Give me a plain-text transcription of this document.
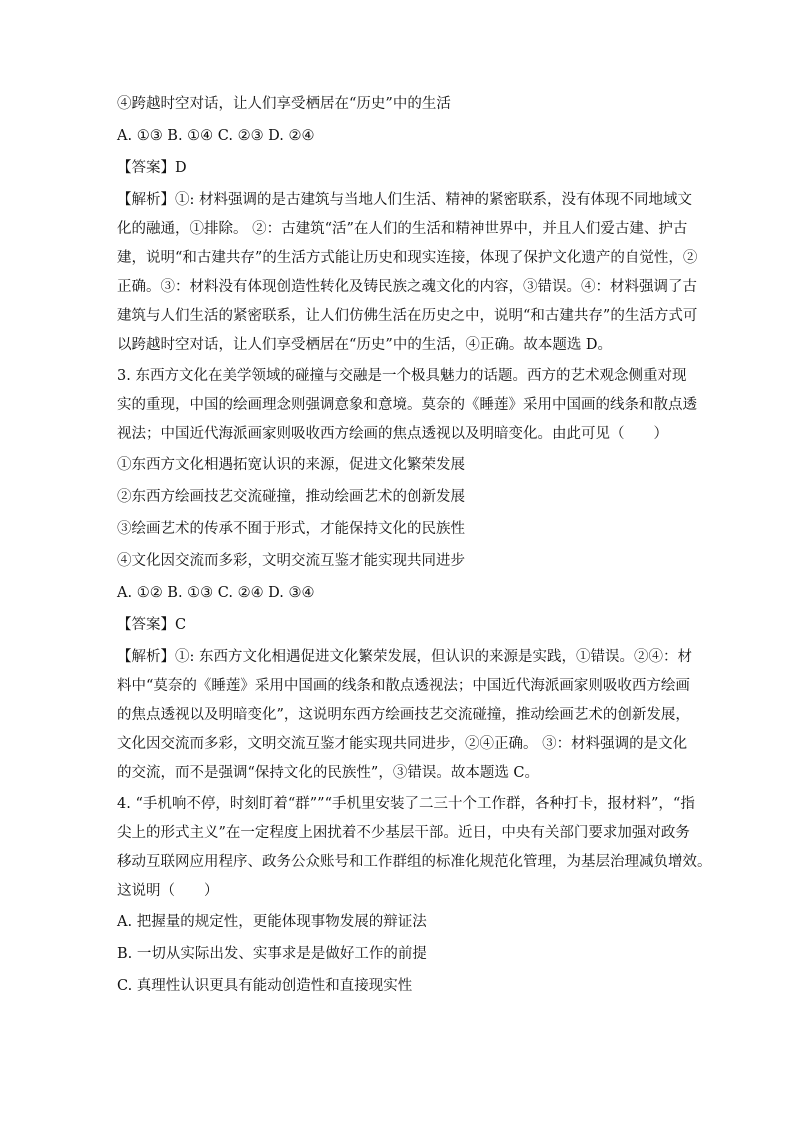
④跨越时空对话，让人们享受栖居在“历史”中的生活
A. ①③ B. ①④ C. ②③ D. ②④
【答案】D
【解析】①: 材料强调的是古建筑与当地人们生活、精神的紧密联系，没有体现不同地域文
化的融通，①排除。 ②：古建筑“活”在人们的生活和精神世界中，并且人们爱古建、护古
建，说明“和古建共存”的生活方式能让历史和现实连接，体现了保护文化遗产的自觉性，②
正确。③：材料没有体现创造性转化及铸民族之魂文化的内容，③错误。④：材料强调了古
建筑与人们生活的紧密联系，让人们仿佛生活在历史之中，说明“和古建共存”的生活方式可
以跨越时空对话，让人们享受栖居在“历史”中的生活，④正确。故本题选 D。
3. 东西方文化在美学领域的碰撞与交融是一个极具魅力的话题。西方的艺术观念侧重对现
实的重现，中国的绘画理念则强调意象和意境。莫奈的《睡莲》采用中国画的线条和散点透
视法；中国近代海派画家则吸收西方绘画的焦点透视以及明暗变化。由此可见（　　）
①东西方文化相遇拓宽认识的来源，促进文化繁荣发展
②东西方绘画技艺交流碰撞，推动绘画艺术的创新发展
③绘画艺术的传承不囿于形式，才能保持文化的民族性
④文化因交流而多彩，文明交流互鉴才能实现共同进步
A. ①② B. ①③ C. ②④ D. ③④
【答案】C
【解析】①: 东西方文化相遇促进文化繁荣发展，但认识的来源是实践，①错误。②④：材
料中“莫奈的《睡莲》采用中国画的线条和散点透视法；中国近代海派画家则吸收西方绘画
的焦点透视以及明暗变化”，这说明东西方绘画技艺交流碰撞，推动绘画艺术的创新发展，
文化因交流而多彩，文明交流互鉴才能实现共同进步，②④正确。 ③：材料强调的是文化
的交流，而不是强调“保持文化的民族性”，③错误。故本题选 C。
4. “手机响不停，时刻盯着“群””“手机里安装了二三十个工作群，各种打卡，报材料”，“指
尖上的形式主义”在一定程度上困扰着不少基层干部。近日，中央有关部门要求加强对政务
移动互联网应用程序、政务公众账号和工作群组的标准化规范化管理，为基层治理减负增效。
这说明（　　）
A. 把握量的规定性，更能体现事物发展的辩证法
B. 一切从实际出发、实事求是是做好工作的前提
C. 真理性认识更具有能动创造性和直接现实性
